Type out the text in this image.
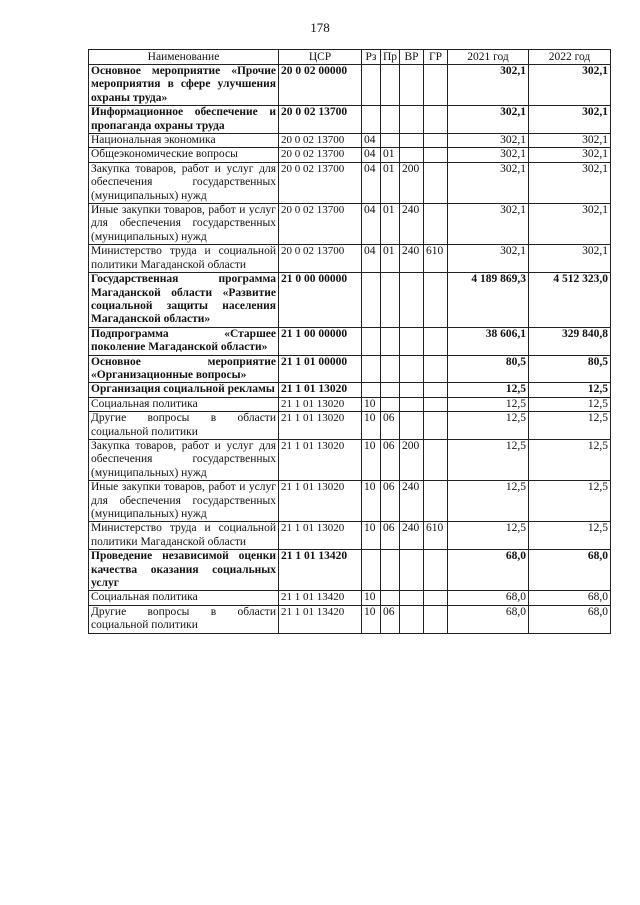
178
Наименование	ЦСР	Рз	Пр	ВР	ГР	2021 год	2022 год
Основное мероприятие «Прочие мероприятия в сфере улучшения охраны труда»	20 0 02 00000					302,1	302,1
Информационное обеспечение и пропаганда охраны труда	20 0 02 13700					302,1	302,1
Национальная экономика	20 0 02 13700	04				302,1	302,1
Общеэкономические вопросы	20 0 02 13700	04	01			302,1	302,1
Закупка товаров, работ и услуг для обеспечения государственных (муниципальных) нужд	20 0 02 13700	04	01	200		302,1	302,1
Иные закупки товаров, работ и услуг для обеспечения государственных (муниципальных) нужд	20 0 02 13700	04	01	240		302,1	302,1
Министерство труда и социальной политики Магаданской области	20 0 02 13700	04	01	240	610	302,1	302,1
Государственная программа Магаданской области «Развитие социальной защиты населения Магаданской области»	21 0 00 00000					4 189 869,3	4 512 323,0
Подпрограмма «Старшее поколение Магаданской области»	21 1 00 00000					38 606,1	329 840,8
Основное мероприятие «Организационные вопросы»	21 1 01 00000					80,5	80,5
Организация социальной рекламы	21 1 01 13020					12,5	12,5
Социальная политика	21 1 01 13020	10				12,5	12,5
Другие вопросы в области социальной политики	21 1 01 13020	10	06			12,5	12,5
Закупка товаров, работ и услуг для обеспечения государственных (муниципальных) нужд	21 1 01 13020	10	06	200		12,5	12,5
Иные закупки товаров, работ и услуг для обеспечения государственных (муниципальных) нужд	21 1 01 13020	10	06	240		12,5	12,5
Министерство труда и социальной политики Магаданской области	21 1 01 13020	10	06	240	610	12,5	12,5
Проведение независимой оценки качества оказания социальных услуг	21 1 01 13420					68,0	68,0
Социальная политика	21 1 01 13420	10				68,0	68,0
Другие вопросы в области социальной политики	21 1 01 13420	10	06			68,0	68,0
